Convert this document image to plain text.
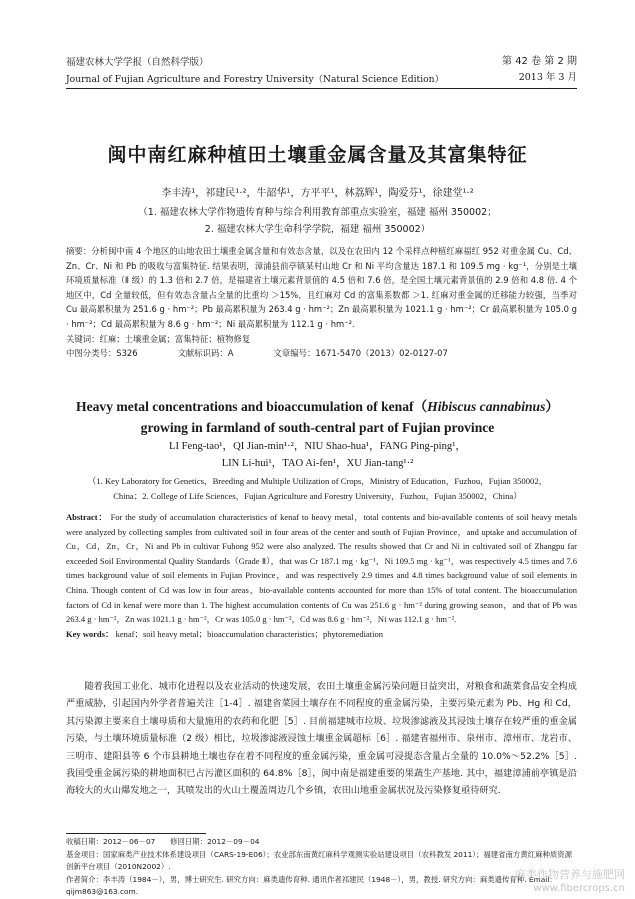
福建农林大学学报（自然科学版）
Journal of Fujian Agriculture and Forestry University（Natural Science Edition）
第 42 卷 第 2 期
2013 年 3 月
闽中南红麻种植田土壤重金属含量及其富集特征
李丰涛¹，祁建民¹·²，牛韶华¹，方平平¹，林荔辉¹，陶爱芬¹，徐建堂¹·²
（1. 福建农林大学作物遗传育种与综合利用教育部重点实验室，福建 福州 350002；
2. 福建农林大学生命科学学院，福建 福州 350002）

摘要：分析闽中南 4 个地区的山地农田土壤重金属含量和有效态含量，以及在农田内 12 个采样点种植红麻福红 952 对重金属 Cu、Cd、Zn、Cr、Ni 和 Pb 的吸收与富集特征. 结果表明，漳浦县前亭镇某村山地 Cr 和 Ni 平均含量达 187.1 和 109.5 mg · kg⁻¹，分别是土壤环境质量标准（Ⅱ 级）的 1.3 倍和 2.7 倍，是福建省土壤元素背景值的 4.5 倍和 7.6 倍，是全国土壤元素背景值的 2.9 倍和 4.8 倍. 4 个地区中，Cd 全量较低，但有效态含量占全量的比重均 ＞15%，且红麻对 Cd 的富集系数都 ＞1. 红麻对重金属的迁移能力较强，当季对 Cu 最高累积量为 251.6 g · hm⁻²；Pb 最高累积量为 263.4 g · hm⁻²；Zn 最高累积量为 1021.1 g · hm⁻²；Cr 最高累积量为 105.0 g · hm⁻²；Cd 最高累积量为 8.6 g · hm⁻²；Ni 最高累积量为 112.1 g · hm⁻².

关键词：红麻；土壤重金属；富集特征；植物修复

中图分类号：S326	文献标识码：A	文章编号：1671-5470（2013）02-0127-07
Heavy metal concentrations and bioaccumulation of kenaf（Hibiscus cannabinus）
growing in farmland of south-central part of Fujian province
LI Feng-tao¹，QI Jian-min¹·²，NIU Shao-hua¹，FANG Ping-ping¹，
LIN Li-hui¹，TAO Ai-fen¹，XU Jian-tang¹·²
（1. Key Laboratory for Genetics，Breeding and Multiple Utilization of Crops，Ministry of Education，Fuzhou，Fujian 350002，
China；2. College of Life Sciences，Fujian Agriculture and Forestry University，Fuzhou，Fujian 350002，China）

Abstract： For the study of accumulation characteristics of kenaf to heavy metal，total contents and bio-available contents of soil heavy metals were analyzed by collecting samples from cultivated soil in four areas of the center and south of Fujian Province，and uptake and accumulation of Cu，Cd，Zn，Cr，Ni and Pb in cultivar Fuhong 952 were also analyzed. The results showed that Cr and Ni in cultivated soil of Zhangpu far exceeded Soil Environmental Quality Standards（Grade Ⅱ），that was Cr 187.1 mg · kg⁻¹，Ni 109.5 mg · kg⁻¹，was respectively 4.5 times and 7.6 times background value of soil elements in Fujian Province，and was respectively 2.9 times and 4.8 times background value of soil elements in China. Though content of Cd was low in four areas，bio-available contents accounted for more than 15% of total content. The bioaccumulation factors of Cd in kenaf were more than 1. The highest accumulation contents of Cu was 251.6 g · hm⁻² during growing season，and that of Pb was 263.4 g · hm⁻²，Zn was 1021.1 g · hm⁻²，Cr was 105.0 g · hm⁻²，Cd was 8.6 g · hm⁻²，Ni was 112.1 g · hm⁻².

Key words： kenaf；soil heavy metal；bioaccumulation characteristics；phytoremediation

随着我国工业化、城市化进程以及农业活动的快速发展，农田土壤重金属污染问题日益突出，对粮食和蔬菜食品安全构成严重威胁，引起国内外学者普遍关注［1-4］. 福建省菜园土壤存在不同程度的重金属污染，主要污染元素为 Pb、Hg 和 Cd，其污染源主要来自土壤母质和大量施用的农药和化肥［5］. 目前福建城市垃圾、垃圾渗滤液及其浸蚀土壤存在较严重的重金属污染，与土壤环境质量标准（2 级）相比，垃圾渗滤液浸蚀土壤重金属超标［6］. 福建省福州市、泉州市、漳州市、龙岩市、三明市、建阳县等 6 个市县耕地土壤也存在着不同程度的重金属污染，重金属可浸提态含量占全量的 10.0%～52.2%［5］. 我国受重金属污染的耕地面积已占污灌区面积的 64.8%［8］，闽中南是福建重要的果蔬生产基地. 其中，福建漳浦前亭镇是沿海较大的火山爆发地之一，其喷发出的火山土覆盖周边几个乡镇，农田山地重金属状况及污染修复亟待研究.

收稿日期：2012－06－07　　修回日期：2012－09－04

基金项目：国家麻类产业技术体系建设项目（CARS-19-E06）；农业部东南黄红麻科学观测实验站建设项目（农科教发 2011）；福建省南方黄红麻种质资源创新平台项目（2010N2002）.

作者简介：李丰涛（1984－），男，博士研究生. 研究方向：麻类遗传育种. 通讯作者祁建民（1948－），男，教授. 研究方向：麻类遗传育种. Email：qijm863@163.com.

麻类作物营养与施肥网
www.fibercrops.cn
